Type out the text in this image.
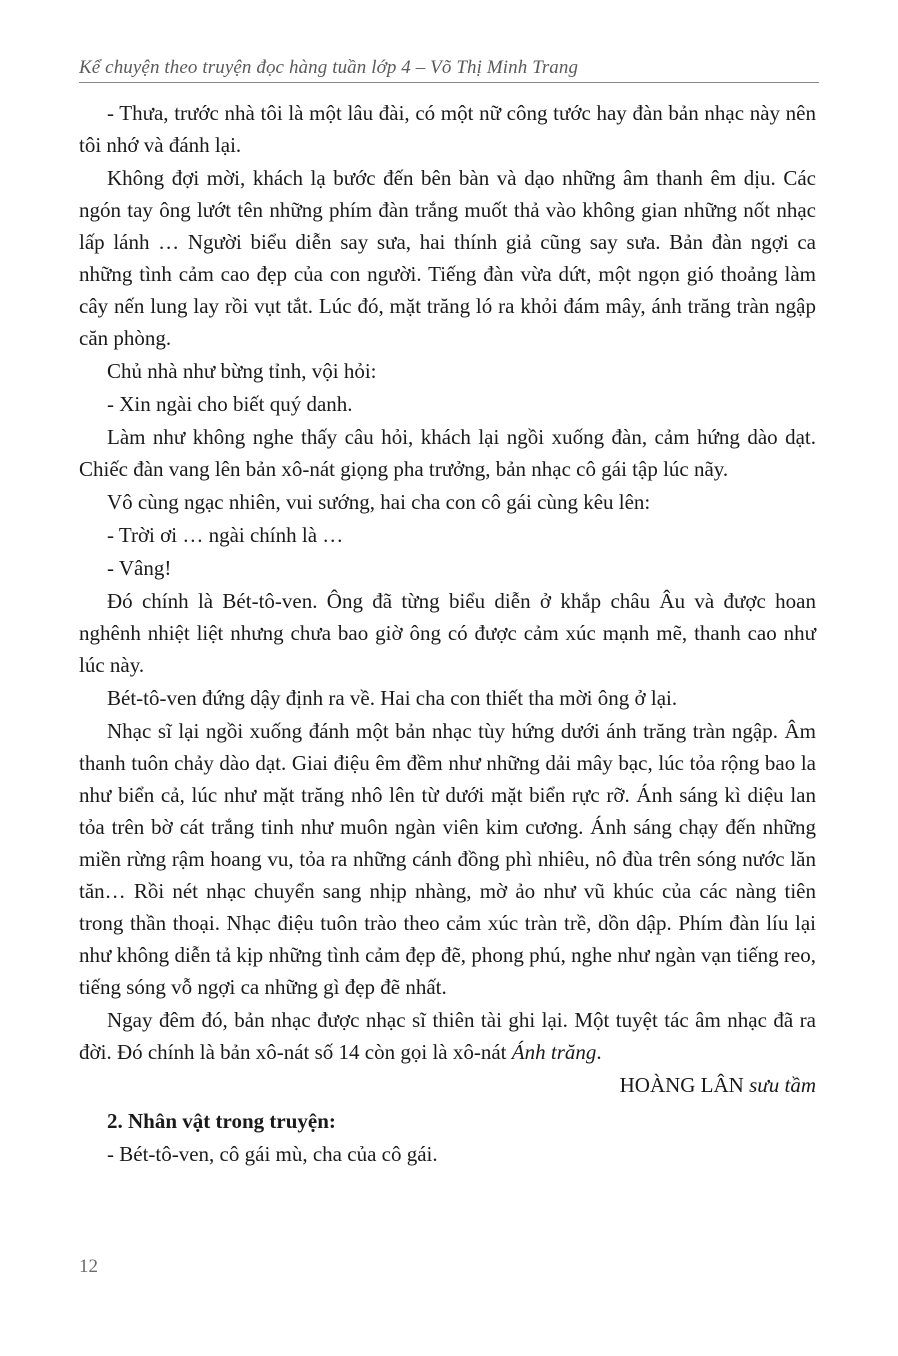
Kể chuyện theo truyện đọc hàng tuần lớp 4 – Võ Thị Minh Trang

- Thưa, trước nhà tôi là một lâu đài, có một nữ công tước hay đàn bản nhạc này nên tôi nhớ và đánh lại.

Không đợi mời, khách lạ bước đến bên bàn và dạo những âm thanh êm dịu. Các ngón tay ông lướt tên những phím đàn trắng muốt thả vào không gian những nốt nhạc lấp lánh … Người biểu diễn say sưa, hai thính giả cũng say sưa. Bản đàn ngợi ca những tình cảm cao đẹp của con người. Tiếng đàn vừa dứt, một ngọn gió thoảng làm cây nến lung lay rồi vụt tắt. Lúc đó, mặt trăng ló ra khỏi đám mây, ánh trăng tràn ngập căn phòng.

Chủ nhà như bừng tỉnh, vội hỏi:

- Xin ngài cho biết quý danh.

Làm như không nghe thấy câu hỏi, khách lại ngồi xuống đàn, cảm hứng dào dạt. Chiếc đàn vang lên bản xô-nát giọng pha trưởng, bản nhạc cô gái tập lúc nãy.

Vô cùng ngạc nhiên, vui sướng, hai cha con cô gái cùng kêu lên:

- Trời ơi … ngài chính là …

- Vâng!

Đó chính là Bét-tô-ven. Ông đã từng biểu diễn ở khắp châu Âu và được hoan nghênh nhiệt liệt nhưng chưa bao giờ ông có được cảm xúc mạnh mẽ, thanh cao như lúc này.

Bét-tô-ven đứng dậy định ra về. Hai cha con thiết tha mời ông ở lại.

Nhạc sĩ lại ngồi xuống đánh một bản nhạc tùy hứng dưới ánh trăng tràn ngập. Âm thanh tuôn chảy dào dạt. Giai điệu êm đềm như những dải mây bạc, lúc tỏa rộng bao la như biển cả, lúc như mặt trăng nhô lên từ dưới mặt biển rực rỡ. Ánh sáng kì diệu lan tỏa trên bờ cát trắng tinh như muôn ngàn viên kim cương. Ánh sáng chạy đến những miền rừng rậm hoang vu, tỏa ra những cánh đồng phì nhiêu, nô đùa trên sóng nước lăn tăn… Rồi nét nhạc chuyển sang nhịp nhàng, mờ ảo như vũ khúc của các nàng tiên trong thần thoại. Nhạc điệu tuôn trào theo cảm xúc tràn trề, dồn dập. Phím đàn líu lại như không diễn tả kịp những tình cảm đẹp đẽ, phong phú, nghe như ngàn vạn tiếng reo, tiếng sóng vỗ ngợi ca những gì đẹp đẽ nhất.

Ngay đêm đó, bản nhạc được nhạc sĩ thiên tài ghi lại. Một tuyệt tác âm nhạc đã ra đời. Đó chính là bản xô-nát số 14 còn gọi là xô-nát Ánh trăng.

HOÀNG LÂN sưu tầm

2. Nhân vật trong truyện:

- Bét-tô-ven, cô gái mù, cha của cô gái.

12
